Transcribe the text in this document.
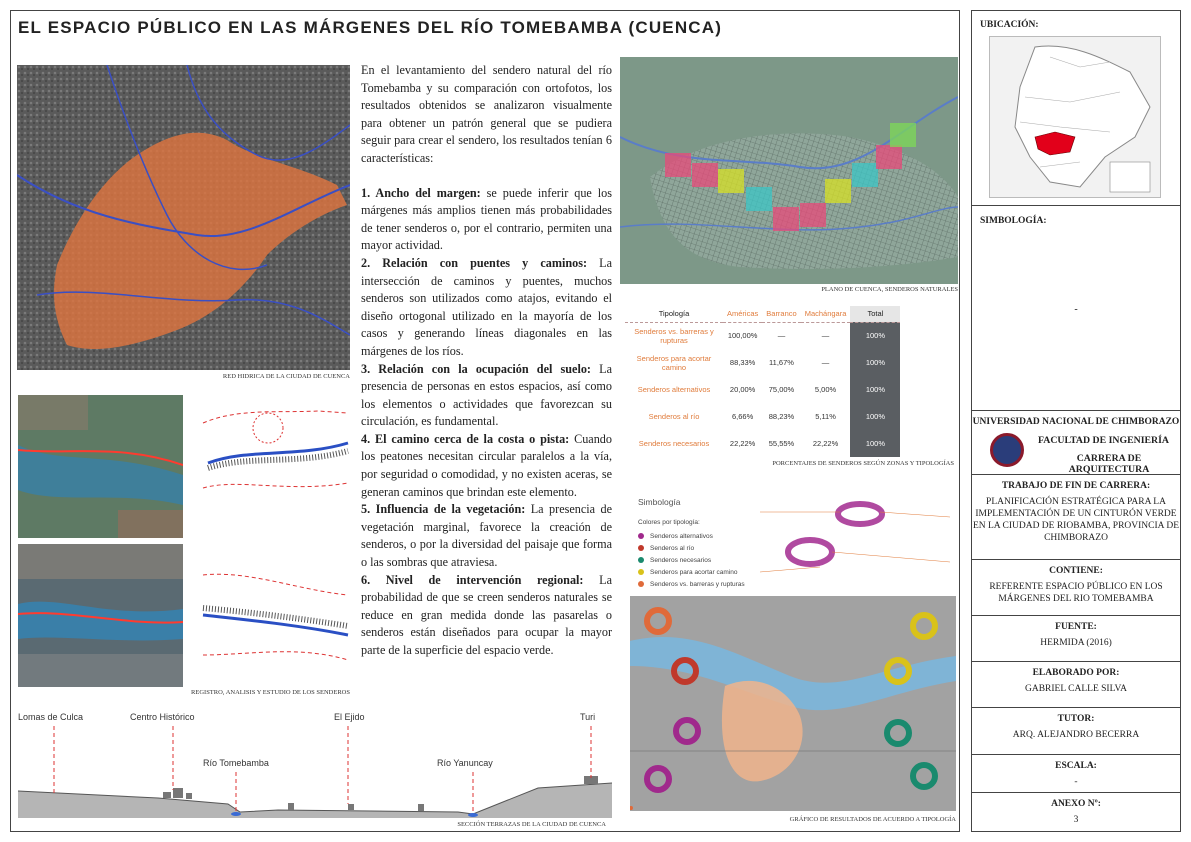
EL ESPACIO PÚBLICO EN LAS MÁRGENES DEL RÍO TOMEBAMBA (CUENCA)
RED HIDRICA DE LA CIUDAD DE CUENCA

En el levantamiento del sendero natural del río Tomebamba y su comparación con ortofotos, los resultados obtenidos se analizaron visualmente para obtener un patrón general que se pudiera seguir para crear el sendero, los resultados tenían 6 características:

1. Ancho del margen: se puede inferir que los márgenes más amplios tienen más probabilidades de tener senderos o, por el contrario, permiten una mayor actividad.

2. Relación con puentes y caminos: La intersección de caminos y puentes, muchos senderos son utilizados como atajos, evitando el diseño ortogonal utilizado en la mayoría de los casos y generando líneas diagonales en las márgenes de los ríos.

3. Relación con la ocupación del suelo: La presencia de personas en estos espacios, así como los elementos o actividades que favorezcan su circulación, es fundamental.

4. El camino cerca de la costa o pista: Cuando los peatones necesitan circular paralelos a la vía, por seguridad o comodidad, y no existen aceras, se generan caminos que brindan este elemento.

5. Influencia de la vegetación: La presencia de vegetación marginal, favorece la creación de senderos, o por la diversidad del paisaje que forma o las sombras que atraviesa.

6. Nivel de intervención regional: La probabilidad de que se creen senderos naturales se reduce en gran medida donde las pasarelas o senderos están diseñados para ocupar la mayor parte de la superficie del espacio verde.

PLANO DE CUENCA, SENDEROS NATURALES
Tipología	Américas	Barranco	Machángara	Total
Senderos vs. barreras y rupturas	100,00%	—	—	100%
Senderos para acortar camino	88,33%	11,67%	—	100%
Senderos alternativos	20,00%	75,00%	5,00%	100%
Senderos al río	6,66%	88,23%	5,11%	100%
Senderos necesarios	22,22%	55,55%	22,22%	100%
PORCENTAJES DE SENDEROS SEGÚN ZONAS Y TIPOLOGÍAS
REGISTRO, ANALISIS Y ESTUDIO DE LOS SENDEROS
Lomas de Culca	Centro Histórico	El Ejido	Turi
Río Tomebamba	Río Yanuncay
SECCIÓN TERRAZAS DE LA CIUDAD DE CUENCA
Simbología
Colores por tipología:
Senderos alternativos
Senderos al río
Senderos necesarios
Senderos para acortar camino
Senderos vs. barreras y rupturas
GRÁFICO DE RESULTADOS DE ACUERDO A TIPOLOGÍA
UBICACIÓN:
SIMBOLOGÍA:
-
UNIVERSIDAD NACIONAL DE CHIMBORAZO
FACULTAD DE INGENIERÍA
CARRERA DE ARQUITECTURA
TRABAJO DE FIN DE CARRERA:
PLANIFICACIÓN ESTRATÉGICA PARA LA IMPLEMENTACIÓN DE UN CINTURÓN VERDE EN LA CIUDAD DE RIOBAMBA, PROVINCIA DE CHIMBORAZO
CONTIENE:
REFERENTE ESPACIO PÚBLICO EN LOS MÁRGENES DEL RIO TOMEBAMBA
FUENTE:
HERMIDA (2016)
ELABORADO POR:
GABRIEL CALLE SILVA
TUTOR:
ARQ. ALEJANDRO BECERRA
ESCALA:
-
ANEXO Nº:
3
